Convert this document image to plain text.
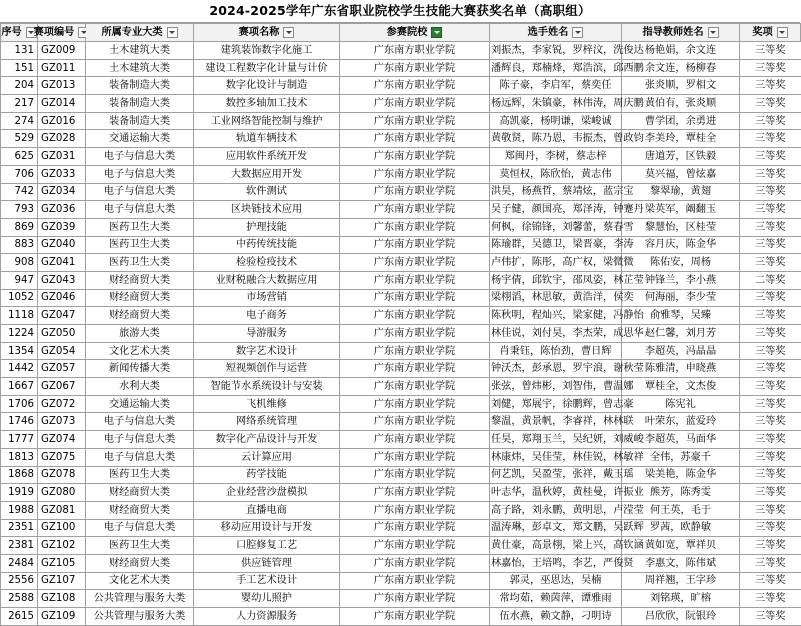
2024-2025学年广东省职业院校学生技能大赛获奖名单（高职组）
序号	赛项编号	所属专业大类	赛项名称	参赛院校	选手姓名	指导教师姓名	奖项

131	GZ009	土木建筑大类	建筑装饰数字化施工	广东南方职业学院	刘振杰，李家锐，罗梓汶，洗俊达	杨艳娟，余文连	三等奖
151	GZ011	土木建筑大类	建设工程数字化计量与计价	广东南方职业学院	潘辉良，郑楠烽，郑浩滨，邱西鹏	余文连，杨柳春	三等奖
204	GZ013	装备制造大类	数字化设计与制造	广东南方职业学院	陈子豪，李启军，蔡奕任	张炎顺，罗相文	三等奖
217	GZ014	装备制造大类	数控多轴加工技术	广东南方职业学院	杨远辉，朱镇豪，林伟涛，周庆鹏	黄伯有，张炎顺	三等奖
274	GZ016	装备制造大类	工业网络智能控制与维护	广东南方职业学院	高凯豪，杨明谦，梁峻诚	曹学团，余勇进	三等奖
529	GZ028	交通运输大类	轨道车辆技术	广东南方职业学院	黄敬贤，陈乃恩，韦振杰，曾政钧	李美玲，覃桂全	三等奖
625	GZ031	电子与信息大类	应用软件系统开发	广东南方职业学院	郑闽丹，李树，蔡志梓	唐道芳，区铁毅	三等奖
706	GZ033	电子与信息大类	大数据应用开发	广东南方职业学院	莫恒权，陈欣怡，黄志伟	莫兴福，曾炫嘉	三等奖
742	GZ034	电子与信息大类	软件测试	广东南方职业学院	洪昊，杨燕哲，蔡靖炫，蓝宗宝	黎翠瑜，黄翅	三等奖
793	GZ036	电子与信息大类	区块链技术应用	广东南方职业学院	吴子健，颜国亮，郑泽涛，钟蹇丹	梁英军，阚翻玉	三等奖
869	GZ039	医药卫生大类	护理技能	广东南方职业学院	何枫，徐锦锋，刘馨蕾，蔡春雪	黎慧怡，区桂莹	三等奖
883	GZ040	医药卫生大类	中药传统技能	广东南方职业学院	陈瑜群，吴德卫，梁晋豪，李涛	容月庆，陈金华	三等奖
908	GZ041	医药卫生大类	检验检疫技术	广东南方职业学院	卢伟扩，陈彤，高广权，梁微微	陈佑安，周杨	三等奖
947	GZ043	财经商贸大类	业财税融合大数据应用	广东南方职业学院	杨宇倩，邱钦宇，邵凤姿，林芷莹	钟锋兰，李小燕	二等奖
1052	GZ046	财经商贸大类	市场营销	广东南方职业学院	梁栩滔，林思敏，黄浩洋，侯奕	何海丽，李少莹	三等奖
1118	GZ047	财经商贸大类	电子商务	广东南方职业学院	陈秋明，程灿兴，梁家健，冯静怡	俞雅琴，吴臻	三等奖
1224	GZ050	旅游大类	导游服务	广东南方职业学院	林佳说，刘付昊，李杰荣，成思华	赵仁馨，刘月芳	三等奖
1354	GZ054	文化艺术大类	数字艺术设计	广东南方职业学院	肖秉钰，陈怡劲，曹日辉	李超英，冯晶晶	三等奖
1442	GZ057	新闻传播大类	短视频创作与运营	广东南方职业学院	钟沃杰，彭承恩，罗宇浪，谢秋莹	陈雅清，申晓燕	三等奖
1667	GZ067	水利大类	智能节水系统设计与安装	广东南方职业学院	张弦，曾炜彬，刘智伟，曹温娜	覃桂全，文杰俊	三等奖
1706	GZ072	交通运输大类	飞机维修	广东南方职业学院	刘健，郑展宇，徐鹏辉，曾志豪	陈宪礼	三等奖
1746	GZ073	电子与信息大类	网络系统管理	广东南方职业学院	黎温，黄景帆，李睿祥，林林联	叶荣东，蓝爱玲	三等奖
1777	GZ074	电子与信息大类	数字化产品设计与开发	广东南方职业学院	任昊，郑翔玉兰，吴纪妍，刘威峻	李超英，马面华	三等奖
1813	GZ075	电子与信息大类	云计算应用	广东南方职业学院	林康炜，吴佳莹，林佳锐，林敏祥	全伟，苏豪千	三等奖
1868	GZ078	医药卫生大类	药学技能	广东南方职业学院	何艺凯，吴盈莹，张祥，戴玉瑶	梁美艳，陈金华	三等奖
1919	GZ080	财经商贸大类	企业经营沙盘模拟	广东南方职业学院	叶志华，温秋婷，黄桂曼，许振业	熊芳，陈秀雯	三等奖
1988	GZ081	财经商贸大类	直播电商	广东南方职业学院	高子路，刘永鹏，黄明思，卢滢莹	何王英，毛于	三等奖
2351	GZ100	电子与信息大类	移动应用设计与开发	广东南方职业学院	温涛琳，彭卓文，郑文鹏，吴跃辉	罗茜，欧静敏	三等奖
2381	GZ102	医药卫生大类	口腔修复工艺	广东南方职业学院	黄仕豪，高景栩，梁上兴，高钦涵	黄如宽，覃祥贝	三等奖
2484	GZ105	财经商贸大类	供应链管理	广东南方职业学院	林嘉怡，王培鸣，李艺，严俊贤	李惠文，陈伟斌	三等奖
2556	GZ107	文化艺术大类	手工艺术设计	广东南方职业学院	郭灵，巫思达，吴楠	周祥翘，王字珍	三等奖
2588	GZ108	公共管理与服务大类	婴幼儿照护	广东南方职业学院	常均茹，赖茵萍，谭雅雨	刘铭瑛，旷榕	三等奖
2615	GZ109	公共管理与服务大类	人力资源服务	广东南方职业学院	伍水燕，赖文静，刁明诗	吕欣欣，阮银玲	三等奖
